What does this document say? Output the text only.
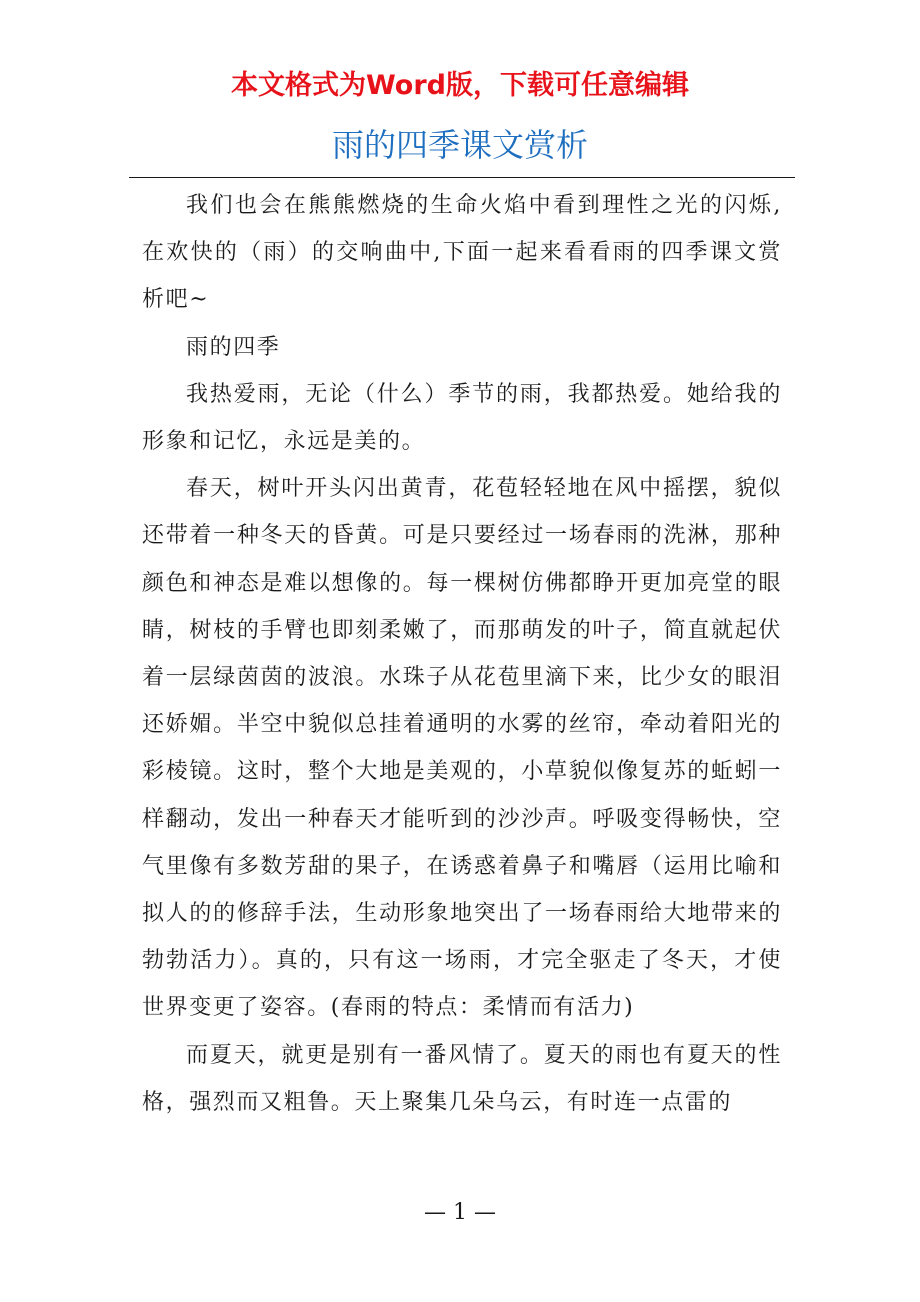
本文格式为Word版，下载可任意编辑
雨的四季课文赏析

我们也会在熊熊燃烧的生命火焰中看到理性之光的闪烁,在欢快的（雨）的交响曲中,下面一起来看看雨的四季课文赏析吧~

雨的四季

我热爱雨，无论（什么）季节的雨，我都热爱。她给我的形象和记忆，永远是美的。

春天，树叶开头闪出黄青，花苞轻轻地在风中摇摆，貌似还带着一种冬天的昏黄。可是只要经过一场春雨的洗淋，那种颜色和神态是难以想像的。每一棵树仿佛都睁开更加亮堂的眼睛，树枝的手臂也即刻柔嫩了，而那萌发的叶子，简直就起伏着一层绿茵茵的波浪。水珠子从花苞里滴下来，比少女的眼泪还娇媚。半空中貌似总挂着通明的水雾的丝帘，牵动着阳光的彩棱镜。这时，整个大地是美观的，小草貌似像复苏的蚯蚓一样翻动，发出一种春天才能听到的沙沙声。呼吸变得畅快，空气里像有多数芳甜的果子，在诱惑着鼻子和嘴唇（运用比喻和拟人的的修辞手法，生动形象地突出了一场春雨给大地带来的勃勃活力）。真的，只有这一场雨，才完全驱走了冬天，才使世界变更了姿容。(春雨的特点：柔情而有活力)

而夏天，就更是别有一番风情了。夏天的雨也有夏天的性格，强烈而又粗鲁。天上聚集几朵乌云，有时连一点雷的

— 1 —
